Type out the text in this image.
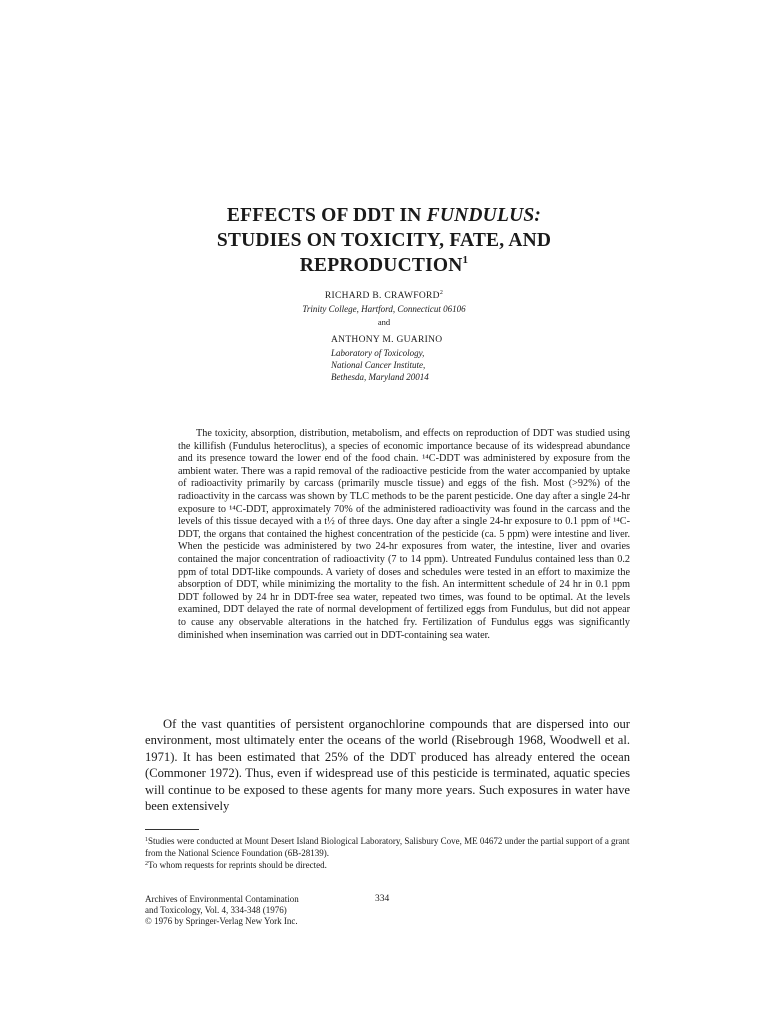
EFFECTS OF DDT IN FUNDULUS:
STUDIES ON TOXICITY, FATE, AND
REPRODUCTION$^1$
RICHARD B. CRAWFORD$^2$
Trinity College, Hartford, Connecticut 06106
and
ANTHONY M. GUARINO
Laboratory of Toxicology,
National Cancer Institute,
Bethesda, Maryland 20014

The toxicity, absorption, distribution, metabolism, and effects on reproduction of DDT was studied using the killifish (Fundulus heteroclitus), a species of economic importance because of its widespread abundance and its presence toward the lower end of the food chain. ¹⁴C-DDT was administered by exposure from the ambient water. There was a rapid removal of the radioactive pesticide from the water accompanied by uptake of radioactivity primarily by carcass (primarily muscle tissue) and eggs of the fish. Most (>92%) of the radioactivity in the carcass was shown by TLC methods to be the parent pesticide. One day after a single 24-hr exposure to ¹⁴C-DDT, approximately 70% of the administered radioactivity was found in the carcass and the levels of this tissue decayed with a t½ of three days. One day after a single 24-hr exposure to 0.1 ppm of ¹⁴C-DDT, the organs that contained the highest concentration of the pesticide (ca. 5 ppm) were intestine and liver. When the pesticide was administered by two 24-hr exposures from water, the intestine, liver and ovaries contained the major concentration of radioactivity (7 to 14 ppm). Untreated Fundulus contained less than 0.2 ppm of total DDT-like compounds. A variety of doses and schedules were tested in an effort to maximize the absorption of DDT, while minimizing the mortality to the fish. An intermittent schedule of 24 hr in 0.1 ppm DDT followed by 24 hr in DDT-free sea water, repeated two times, was found to be optimal. At the levels examined, DDT delayed the rate of normal development of fertilized eggs from Fundulus, but did not appear to cause any observable alterations in the hatched fry. Fertilization of Fundulus eggs was significantly diminished when insemination was carried out in DDT-containing sea water.

Of the vast quantities of persistent organochlorine compounds that are dispersed into our environment, most ultimately enter the oceans of the world (Risebrough 1968, Woodwell et al. 1971). It has been estimated that 25% of the DDT produced has already entered the ocean (Commoner 1972). Thus, even if widespread use of this pesticide is terminated, aquatic species will continue to be exposed to these agents for many more years. Such exposures in water have been extensively

$^1$Studies were conducted at Mount Desert Island Biological Laboratory, Salisbury Cove, ME 04672 under the partial support of a grant from the National Science Foundation (6B-28139).
$^2$To whom requests for reprints should be directed.
Archives of Environmental Contamination
and Toxicology, Vol. 4, 334-348 (1976)
© 1976 by Springer-Verlag New York Inc.
334
